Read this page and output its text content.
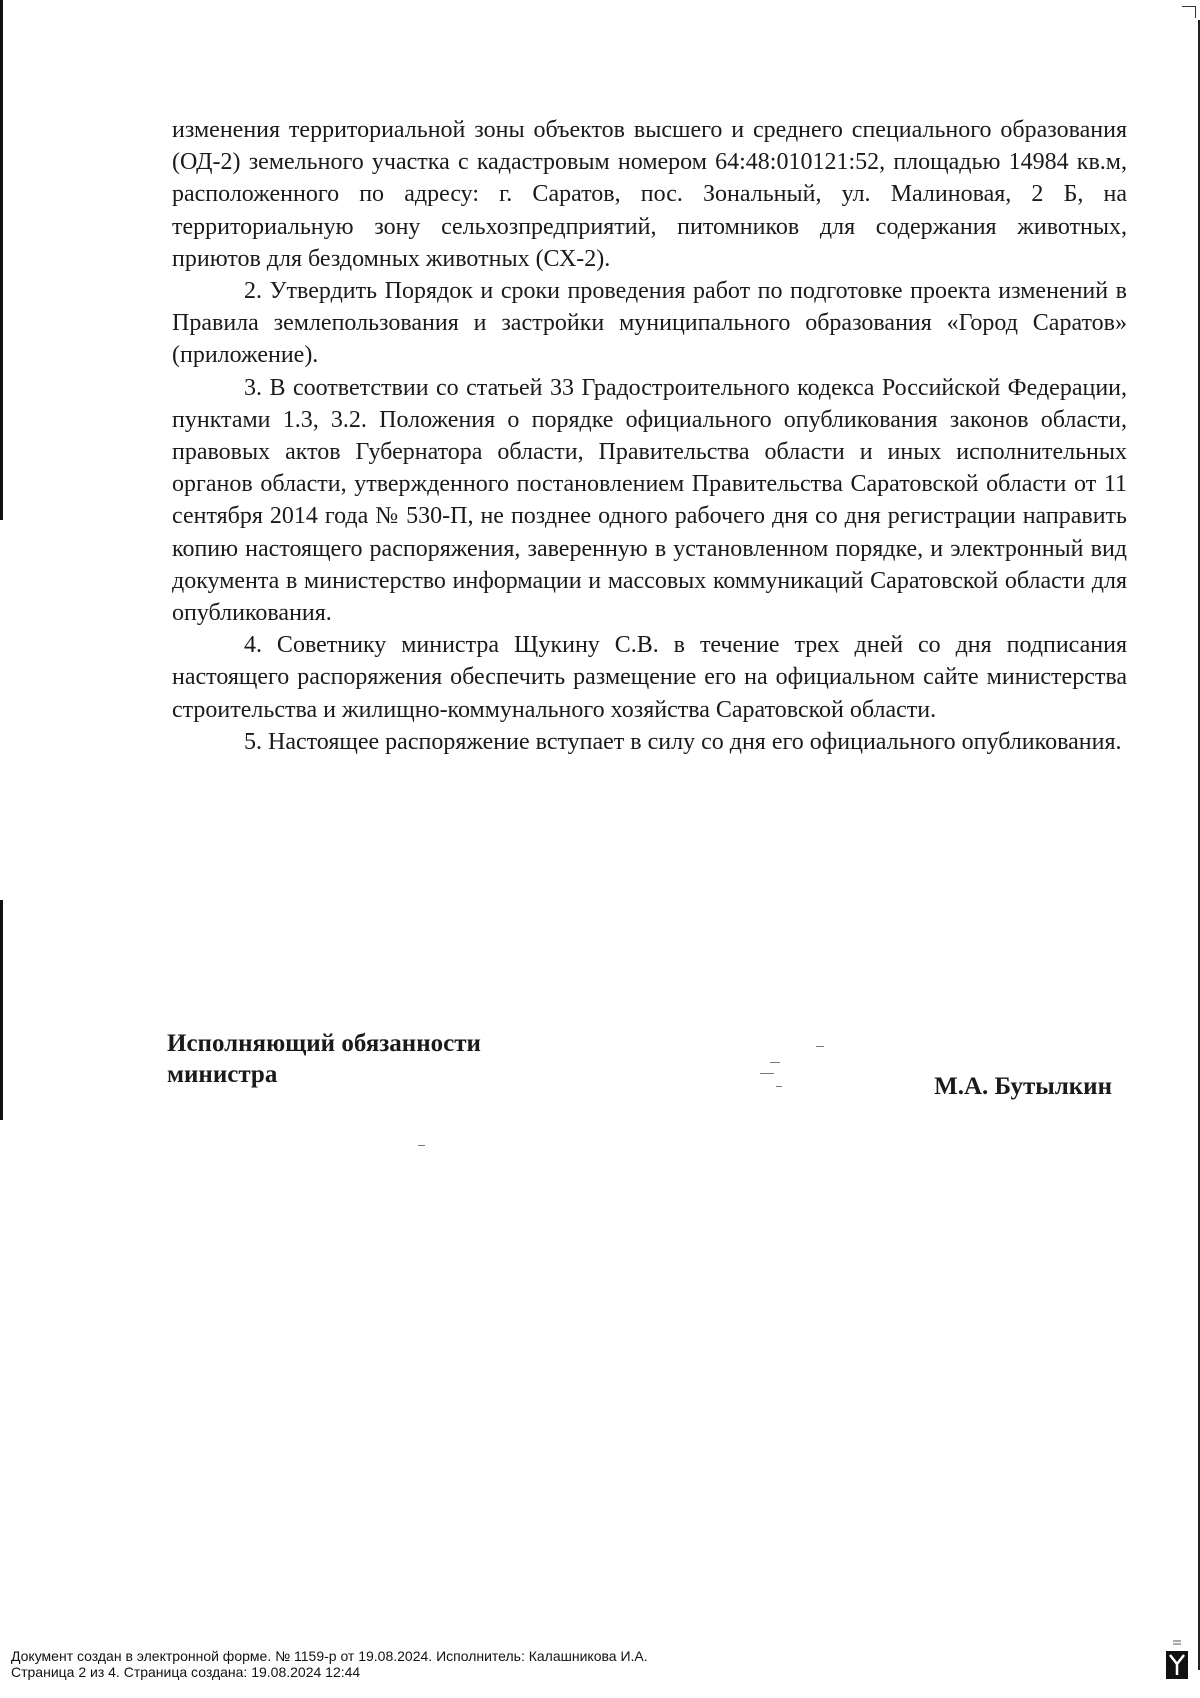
изменения территориальной зоны объектов высшего и среднего специального образования (ОД-2) земельного участка с кадастровым номером 64:48:010121:52, площадью 14984 кв.м, расположенного по адресу: г. Саратов, пос. Зональный, ул. Малиновая, 2 Б, на территориальную зону сельхозпредприятий, питомников для содержания животных, приютов для бездомных животных (СХ-2).

2. Утвердить Порядок и сроки проведения работ по подготовке проекта изменений в Правила землепользования и застройки муниципального образования «Город Саратов» (приложение).

3. В соответствии со статьей 33 Градостроительного кодекса Российской Федерации, пунктами 1.3, 3.2. Положения о порядке официального опубликования законов области, правовых актов Губернатора области, Правительства области и иных исполнительных органов области, утвержденного постановлением Правительства Саратовской области от 11 сентября 2014 года № 530-П, не позднее одного рабочего дня со дня регистрации направить копию настоящего распоряжения, заверенную в установленном порядке, и электронный вид документа в министерство информации и массовых коммуникаций Саратовской области для опубликования.

4. Советнику министра Щукину С.В. в течение трех дней со дня подписания настоящего распоряжения обеспечить размещение его на официальном сайте министерства строительства и жилищно-коммунального хозяйства Саратовской области.

5. Настоящее распоряжение вступает в силу со дня его официального опубликования.

Исполняющий обязанности
министра	М.А. Бутылкин
Документ создан в электронной форме. № 1159-р от 19.08.2024. Исполнитель: Калашникова И.А.
Страница 2 из 4. Страница создана: 19.08.2024 12:44
